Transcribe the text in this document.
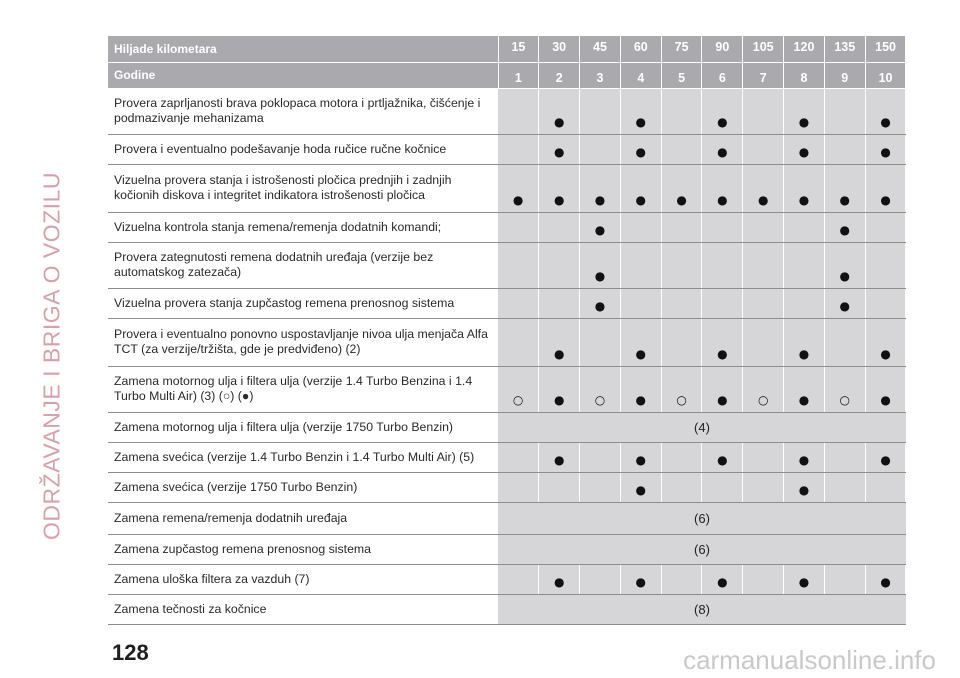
ODRŽAVANJE I BRIGA O VOZILU
Hiljade kilometara	15	30	45	60	75	90	105	120	135	150
Godine	1	2	3	4	5	6	7	8	9	10
Provera zaprljanosti brava poklopaca motora i prtljažnika, čišćenje i podmazivanje mehanizama		●		●		●		●		●
Provera i eventualno podešavanje hoda ručice ručne kočnice		●		●		●		●		●
Vizuelna provera stanja i istrošenosti pločica prednjih i zadnjih kočionih diskova i integritet indikatora istrošenosti pločica	●	●	●	●	●	●	●	●	●	●
Vizuelna kontrola stanja remena/remenja dodatnih komandi;			●						●	
Provera zategnutosti remena dodatnih uređaja (verzije bez automatskog zatezača)			●						●	
Vizuelna provera stanja zupčastog remena prenosnog sistema			●						●	
Provera i eventualno ponovno uspostavljanje nivoa ulja menjača Alfa TCT (za verzije/tržišta, gde je predviđeno) (2)		●		●		●		●		●
Zamena motornog ulja i filtera ulja (verzije 1.4 Turbo Benzina i 1.4 Turbo Multi Air) (3) (○) (●)	○	●	○	●	○	●	○	●	○	●
Zamena motornog ulja i filtera ulja (verzije 1750 Turbo Benzin)	(4)									
Zamena svećica (verzije 1.4 Turbo Benzin i 1.4 Turbo Multi Air) (5)		●		●		●		●		●
Zamena svećica (verzije 1750 Turbo Benzin)				●				●		
Zamena remena/remenja dodatnih uređaja	(6)									
Zamena zupčastog remena prenosnog sistema	(6)									
Zamena uloška filtera za vazduh (7)		●		●		●		●		●
Zamena tečnosti za kočnice	(8)									
128	carmanualsonline.info
